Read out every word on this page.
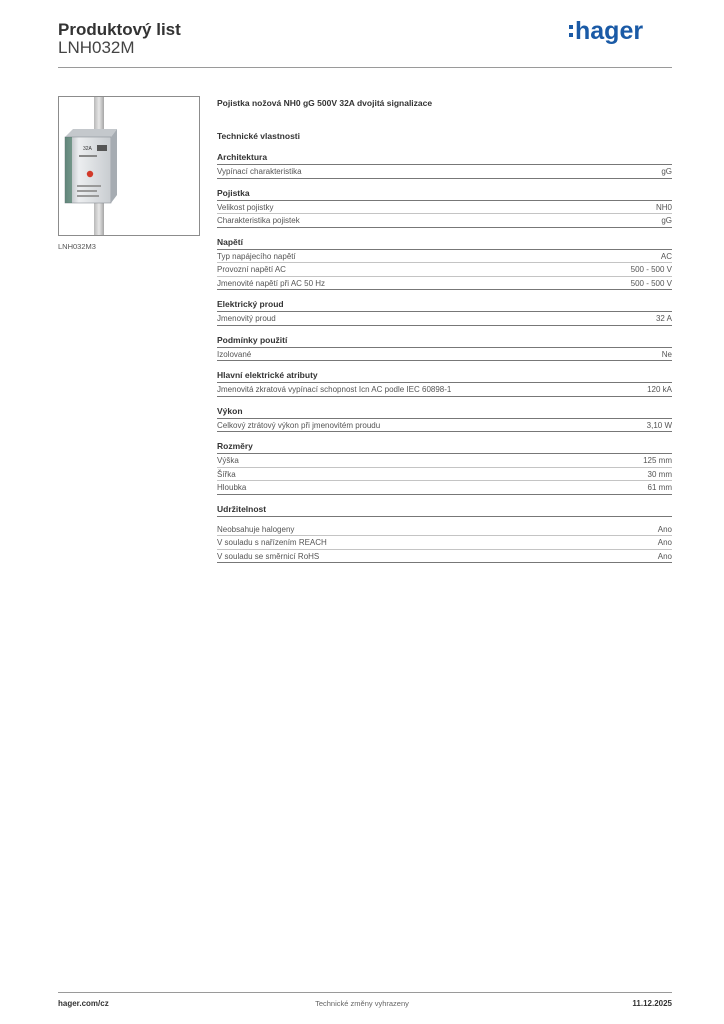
Produktový list
LNH032M
hager
32A
LNH032M3
Pojistka nožová NH0 gG 500V 32A dvojitá signalizace
Technické vlastnosti
Architektura
Vypínací charakteristika	gG
Pojistka
Velikost pojistky	NH0
Charakteristika pojistek	gG
Napětí
Typ napájecího napětí	AC
Provozní napětí AC	500 - 500 V
Jmenovité napětí při AC 50 Hz	500 - 500 V
Elektrický proud
Jmenovitý proud	32 A
Podmínky použití
Izolované	Ne
Hlavní elektrické atributy
Jmenovitá zkratová vypínací schopnost Icn AC podle IEC 60898-1	120 kA
Výkon
Celkový ztrátový výkon při jmenovitém proudu	3,10 W
Rozměry
Výška	125 mm
Šířka	30 mm
Hloubka	61 mm
Udržitelnost
Neobsahuje halogeny	Ano
V souladu s nařízením REACH	Ano
V souladu se směrnicí RoHS	Ano
hager.com/cz	Technické změny vyhrazeny	11.12.2025
